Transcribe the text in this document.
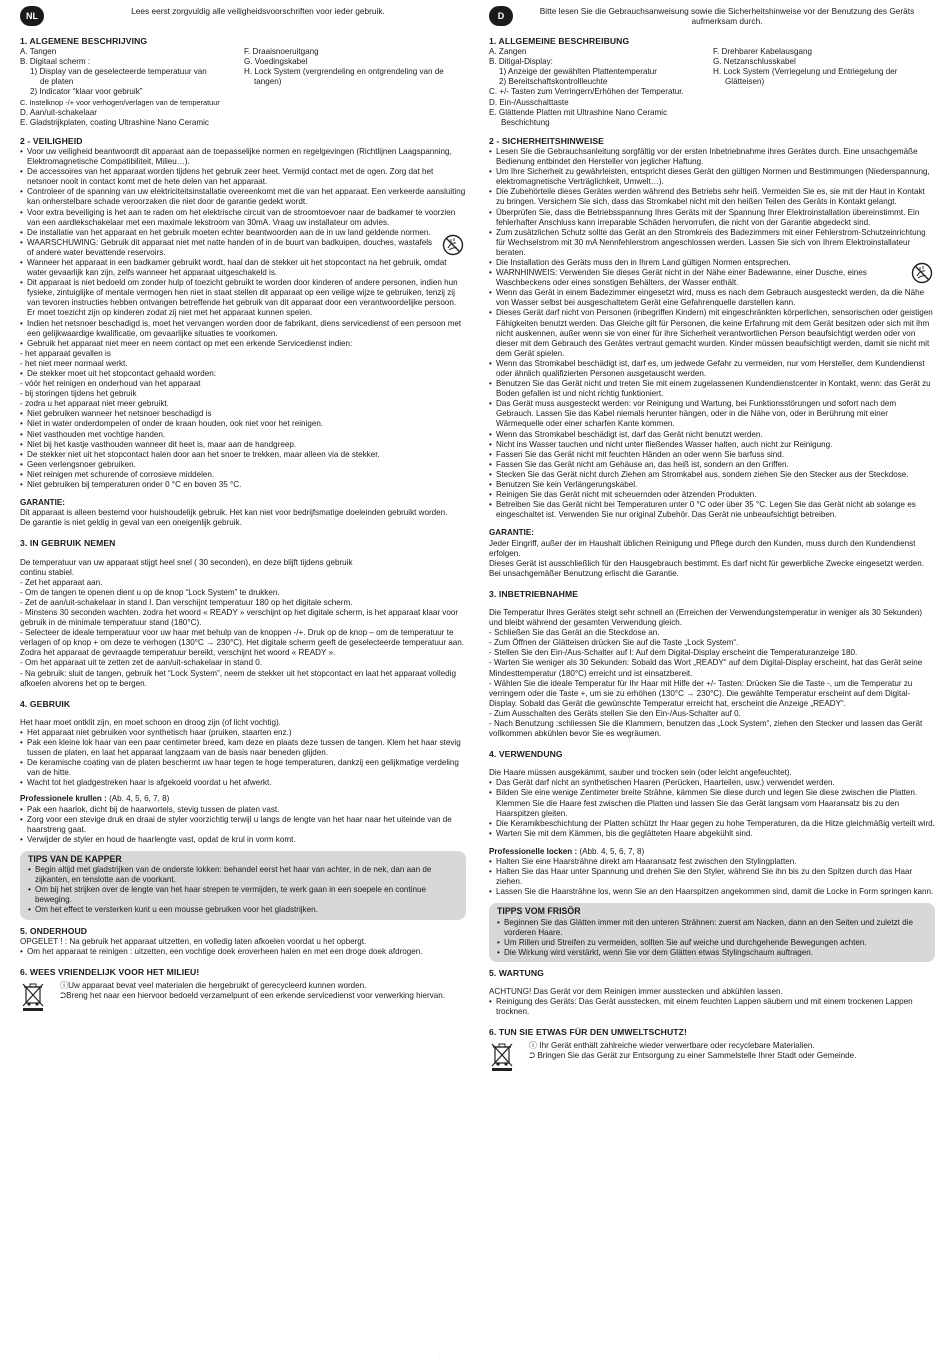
NL	Lees eerst zorgvuldig alle veiligheidsvoorschriften voor ieder gebruik.
1. ALGEMENE BESCHRIJVING
A. Tangen
B. Digitaal scherm :
1) Display van de geselecteerde temperatuur van
de platen
2) Indicator “klaar voor gebruik”
C. Instelknop -/+ voor verhogen/verlagen van de temperatuur
D. Aan/uit-schakelaar
E. Gladstrijkplaten, coating Ultrashine Nano Ceramic
F. Draaisnoeruitgang
G. Voedingskabel
H. Lock System (vergrendeling en ontgrendeling van de
tangen)
2 - VEILIGHEID
• Voor uw veiligheid beantwoordt dit apparaat aan de toepasselijke normen en regelgevingen (Richtlijnen Laagspanning, Elektromagnetische Compatibiliteit, Milieu…).
• De accessoires van het apparaat worden tijdens het gebruik zeer heet. Vermijd contact met de ogen. Zorg dat het netsnoer nooit in contact komt met de hete delen van het apparaat.
• Controleer of de spanning van uw elektriciteitsinstallatie overeenkomt met die van het apparaat. Een verkeerde aansluiting kan onherstelbare schade veroorzaken die niet door de garantie gedekt wordt.
• Voor extra beveiliging is het aan te raden om het elektrische circuit van de stroomtoevoer naar de badkamer te voorzien van een aardlekschakelaar met een maximale lekstroom van 30mA. Vraag uw installateur om advies.
• De installatie van het apparaat en het gebruik moeten echter beantwoorden aan de in uw land geldende normen.
• WAARSCHUWING: Gebruik dit apparaat niet met natte handen of in de buurt van badkuipen, douches, wastafels of andere water bevattende reservoirs.
• Wanneer het apparaat in een badkamer gebruikt wordt, haal dan de stekker uit het stopcontact na het gebruik, omdat water gevaarlijk kan zijn, zelfs wanneer het apparaat uitgeschakeld is.
• Dit apparaat is niet bedoeld om zonder hulp of toezicht gebruikt te worden door kinderen of andere personen, indien hun fysieke, zintuiglijke of mentale vermogen hen niet in staat stellen dit apparaat op een veilige wijze te gebruiken, tenzij zij van tevoren instructies hebben ontvangen betreffende het gebruik van dit apparaat door een verantwoordelijke persoon. Er moet toezicht zijn op kinderen zodat zij niet met het apparaat kunnen spelen.
• Indien het netsnoer beschadigd is, moet het vervangen worden door de fabrikant, diens servicedienst of een persoon met een gelijkwaardige kwalificatie, om gevaarlijke situaties te voorkomen.
• Gebruik het apparaat niet meer en neem contact op met een erkende Servicedienst indien:
- het apparaat gevallen is
- het niet meer normaal werkt.
• De stekker moet uit het stopcontact gehaald worden:
- vóór het reinigen en onderhoud van het apparaat
- bij storingen tijdens het gebruik
- zodra u het apparaat niet meer gebruikt.
• Niet gebruiken wanneer het netsnoer beschadigd is
• Niet in water onderdompelen of onder de kraan houden, ook niet voor het reinigen.
• Niet vasthouden met vochtige handen.
• Niet bij het kastje vasthouden wanneer dit heet is, maar aan de handgreep.
• De stekker niet uit het stopcontact halen door aan het snoer te trekken, maar alleen via de stekker.
• Geen verlengsnoer gebruiken.
• Niet reinigen met schurende of corrosieve middelen.
• Niet gebruiken bij temperaturen onder 0 °C en boven 35 °C.
GARANTIE:

Dit apparaat is alleen bestemd voor huishoudelijk gebruik. Het kan niet voor bedrijfsmatige doeleinden gebruikt worden.

De garantie is niet geldig in geval van een oneigenlijk gebruik.

3. IN GEBRUIK NEMEN

De temperatuur van uw apparaat stijgt heel snel ( 30 seconden), en deze blijft tijdens gebruik continu stabiel.

- Zet het apparaat aan.
- Om de tangen te openen dient u op de knop “Lock System” te drukken.
- Zet de aan/uit-schakelaar in stand I. Dan verschijnt temperatuur 180 op het digitale scherm.
- Minstens 30 seconden wachten. zodra het woord « READY » verschijnt op het digitale scherm, is het apparaat klaar voor gebruik in de minimale temperatuur stand (180°C).
- Selecteer de ideale temperatuur voor uw haar met behulp van de knoppen -/+. Druk op de knop – om de temperatuur te verlagen of op knop + om deze te verhogen (130°C → 230°C). Het digitale scherm geeft de geselecteerde temperatuur aan. Zodra het apparaat de gevraagde temperatuur bereikt, verschijnt het woord « READY ».
- Om het apparaat uit te zetten zet de aan/uit-schakelaar in stand 0.
- Na gebruik: sluit de tangen, gebruik het “Lock System”, neem de stekker uit het stopcontact en laat het apparaat volledig afkoelen alvorens het op te bergen.
4. GEBRUIK

Het haar moet ontklit zijn, en moet schoon en droog zijn (of licht vochtig).

• Het apparaat niet gebruiken voor synthetisch haar (pruiken, staarten enz.)
• Pak een kleine lok haar van een paar centimeter breed, kam deze en plaats deze tussen de tangen. Klem het haar stevig tussen de platen, en laat het apparaat langzaam van de basis naar beneden glijden.
• De keramische coating van de platen beschermt uw haar tegen te hoge temperaturen, dankzij een gelijkmatige verdeling van de hitte.
• Wacht tot het gladgestreken haar is afgekoeld voordat u het afwerkt.
Professionele krullen : (Ab. 4, 5, 6, 7, 8)
• Pak een haarlok, dicht bij de haarwortels, stevig tussen de platen vast.
• Zorg voor een stevige druk en draai de styler voorzichtig terwijl u langs de lengte van het haar naar het uiteinde van de haarstreng gaat.
• Verwijder de styler en houd de haarlengte vast, opdat de krul in vorm komt.
TIPS VAN DE KAPPER
• Begin altijd met gladstrijken van de onderste lokken: behandel eerst het haar van achter, in de nek, dan aan de zijkanten, en tenslotte aan de voorkant.
• Om bij het strijken over de lengte van het haar strepen te vermijden, te werk gaan in een soepele en continue beweging.
• Om het effect te versterken kunt u een mousse gebruiken voor het gladstrijken.
5. ONDERHOUD

OPGELET ! : Na gebruik het apparaat uitzetten, en volledig laten afkoelen voordat u het opbergt.

• Om het apparaat te reinigen : uitzetten, een vochtige doek eroverheen halen en met een droge doek afdrogen.
6. WEES VRIENDELIJK VOOR HET MILIEU!
ⓘUw apparaat bevat veel materialen die hergebruikt of gerecycleerd kunnen worden.
⮊Breng het naar een hiervoor bedoeld verzamelpunt of een erkende servicedienst voor verwerking hiervan.
D	Bitte lesen Sie die Gebrauchsanweisung sowie die Sicherheitshinweise vor der Benutzung des Geräts aufmerksam durch.
1. ALLGEMEINE BESCHREIBUNG
A. Zangen
B. Ditigal-Display:
1) Anzeige der gewählten Plattentemperatur
2) Bereitschaftskontrollleuchte
C. +/- Tasten zum Verringern/Erhöhen der Temperatur.
D. Ein-/Ausschalttaste
E. Glättende Platten mit Ultrashine Nano Ceramic Beschichtung
F. Drehbarer Kabelausgang
G. Netzanschlusskabel
H. Lock System (Verriegelung und Entriegelung der Glätteisen)
2 - SICHERHEITSHINWEISE
• Lesen Sie die Gebrauchsanleitung sorgfältig vor der ersten Inbetriebnahme ihres Gerätes durch. Eine unsachgemäße Bedienung entbindet den Hersteller von jeglicher Haftung.
• Um Ihre Sicherheit zu gewährleisten, entspricht dieses Gerät den gültigen Normen und Bestimmungen (Niederspannung, elektromagnetische Verträglichkeit, Umwelt…).
• Die Zubehörteile dieses Gerätes werden während des Betriebs sehr heiß. Vermeiden Sie es, sie mit der Haut in Kontakt zu bringen. Versichern Sie sich, dass das Stromkabel nicht mit den heißen Teilen des Geräts in Kontakt gelangt.
• Überprüfen Sie, dass die Betriebsspannung Ihres Geräts mit der Spannung Ihrer Elektroinstallation übereinstimmt. Ein fehlerhafter Anschluss kann irreparable Schäden hervorrufen, die nicht von der Garantie abgedeckt sind.
• Zum zusätzlichen Schutz sollte das Gerät an den Stromkreis des Badezimmers mit einer Fehlerstrom-Schutzeinrichtung für Wechselstrom mit 30 mA Nennfehlerstrom angeschlossen werden. Lassen Sie sich von Ihrem Elektroinstallateur beraten.
• Die Installation des Geräts muss den in Ihrem Land gültigen Normen entsprechen.
• WARNHINWEIS: Verwenden Sie dieses Gerät nicht in der Nähe einer Badewanne, einer Dusche, eines Waschbeckens oder eines sonstigen Behälters, der Wasser enthält.
• Wenn das Gerät in einem Badezimmer eingesetzt wird, muss es nach dem Gebrauch ausgesteckt werden, da die Nähe von Wasser selbst bei ausgeschaltetem Gerät eine Gefahrenquelle darstellen kann.
• Dieses Gerät darf nicht von Personen (inbegriffen Kindern) mit eingeschränkten körperlichen, sensorischen oder geistigen Fähigkeiten benutzt werden. Das Gleiche gilt für Personen, die keine Erfahrung mit dem Gerät besitzen oder sich mit ihm nicht auskennen, außer wenn sie von einer für ihre Sicherheit verantwortlichen Person beaufsichtigt werden oder von dieser mit dem Gebrauch des Gerätes vertraut gemacht wurden. Kinder müssen beaufsichtigt werden, damit sie nicht mit dem Gerät spielen.
• Wenn das Stromkabel beschädigt ist, darf es, um jedwede Gefahr zu vermeiden, nur vom Hersteller, dem Kundendienst oder ähnlich qualifizierten Personen ausgetauscht werden.
• Benutzen Sie das Gerät nicht und treten Sie mit einem zugelassenen Kundendienstcenter in Kontakt, wenn: das Gerät zu Boden gefallen ist und nicht richtig funktioniert.
• Das Gerät muss ausgesteckt werden: vor Reinigung und Wartung, bei Funktionsstörungen und sofort nach dem Gebrauch. Lassen Sie das Kabel niemals herunter hängen, oder in die Nähe von, oder in Berührung mit einer Wärmequelle oder einer scharfen Kante kommen.
• Wenn das Stromkabel beschädigt ist, darf das Gerät nicht benutzt werden.
• Nicht ins Wasser tauchen und nicht unter fließendes Wasser halten, auch nicht zur Reinigung.
• Fassen Sie das Gerät nicht mit feuchten Händen an oder wenn Sie barfuss sind.
• Fassen Sie das Gerät nicht am Gehäuse an, das heiß ist, sondern an den Griffen.
• Stecken Sie das Gerät nicht durch Ziehen am Stromkabel aus, sondern ziehen Sie den Stecker aus der Steckdose.
• Benutzen Sie kein Verlängerungskabel.
• Reinigen Sie das Gerät nicht mit scheuernden oder ätzenden Produkten.
• Betreiben Sie das Gerät nicht bei Temperaturen unter 0 °C oder über 35 °C. Legen Sie das Gerät nicht ab solange es eingeschaltet ist. Verwenden Sie nur original Zubehör. Das Gerät nie unbeaufsichtigt betreiben.
GARANTIE:

Jeder Eingriff, außer der im Haushalt üblichen Reinigung und Pflege durch den Kunden, muss durch den Kundendienst erfolgen.

Dieses Gerät ist ausschließlich für den Hausgebrauch bestimmt. Es darf nicht für gewerbliche Zwecke eingesetzt werden.

Bei unsachgemäßer Benutzung erlischt die Garantie.

3. INBETRIEBNAHME

Die Temperatur Ihres Gerätes steigt sehr schnell an (Erreichen der Verwendungstemperatur in weniger als 30 Sekunden) und bleibt während der gesamten Verwendung gleich.

- Schließen Sie das Gerät an die Steckdose an.
- Zum Öffnen der Glätteisen drücken Sie auf die Taste „Lock System“.
- Stellen Sie den Ein-/Aus-Schalter auf I: Auf dem Digital-Display erscheint die Temperaturanzeige 180.
- Warten Sie weniger als 30 Sekunden: Sobald das Wort „READY“ auf dem Digital-Display erscheint, hat das Gerät seine Mindesttemperatur (180°C) erreicht und ist einsatzbereit.
- Wählen Sie die ideale Temperatur für Ihr Haar mit Hilfe der +/- Tasten: Drücken Sie die Taste -, um die Temperatur zu verringern oder die Taste +, um sie zu erhöhen (130°C → 230°C). Die gewählte Temperatur erscheint auf dem Digital-Display. Sobald das Gerät die gewünschte Temperatur erreicht hat, erscheint die Anzeige „READY“.
- Zum Ausschalten des Geräts stellen Sie den Ein-/Aus-Schalter auf 0.
- Nach Benutzung :schliessen Sie die Klammern, benutzen das „Lock System“, ziehen den Stecker und lassen das Gerät vollkommen abkühlen bevor Sie es wegräumen.
4. VERWENDUNG

Die Haare müssen ausgekämmt, sauber und trocken sein (oder leicht angefeuchtet).

• Das Gerät darf nicht an synthetischen Haaren (Perücken, Haarteilen, usw.) verwendet werden.
• Bilden Sie eine wenige Zentimeter breite Strähne, kämmen Sie diese durch und legen Sie diese zwischen die Platten. Klemmen Sie die Haare fest zwischen die Platten und lassen Sie das Gerät langsam vom Haaransatz bis zu den Haarspitzen gleiten.
• Die Keramikbeschichtung der Platten schützt Ihr Haar gegen zu hohe Temperaturen, da die Hitze gleichmäßig verteilt wird.
• Warten Sie mit dem Kämmen, bis die geglätteten Haare abgekühlt sind.
Professionelle locken : (Abb. 4, 5, 6, 7, 8)
• Halten Sie eine Haarsträhne direkt am Haaransatz fest zwischen den Stylingplatten.
• Halten Sie das Haar unter Spannung und drehen Sie den Styler, während Sie ihn bis zu den Spitzen durch das Haar ziehen.
• Lassen Sie die Haarsträhne los, wenn Sie an den Haarspitzen angekommen sind, damit die Locke in Form springen kann.
TIPPS VOM FRISÖR
• Beginnen Sie das Glätten immer mit den unteren Strähnen: zuerst am Nacken, dann an den Seiten und zuletzt die vorderen Haare.
• Um Rillen und Streifen zu vermeiden, sollten Sie auf weiche und durchgehende Bewegungen achten.
• Die Wirkung wird verstärkt, wenn Sie vor dem Glätten etwas Stylingschaum auftragen.
5. WARTUNG

ACHTUNG! Das Gerät vor dem Reinigen immer ausstecken und abkühlen lassen.

• Reinigung des Geräts: Das Gerät ausstecken, mit einem feuchten Lappen säubern und mit einem trockenen Lappen trocknen.
6. TUN SIE ETWAS FÜR DEN UMWELTSCHUTZ!
ⓘ Ihr Gerät enthält zahlreiche wieder verwertbare oder recyclebare Materialien.
⮊ Bringen Sie das Gerät zur Entsorgung zu einer Sammelstelle Ihrer Stadt oder Gemeinde.
.
